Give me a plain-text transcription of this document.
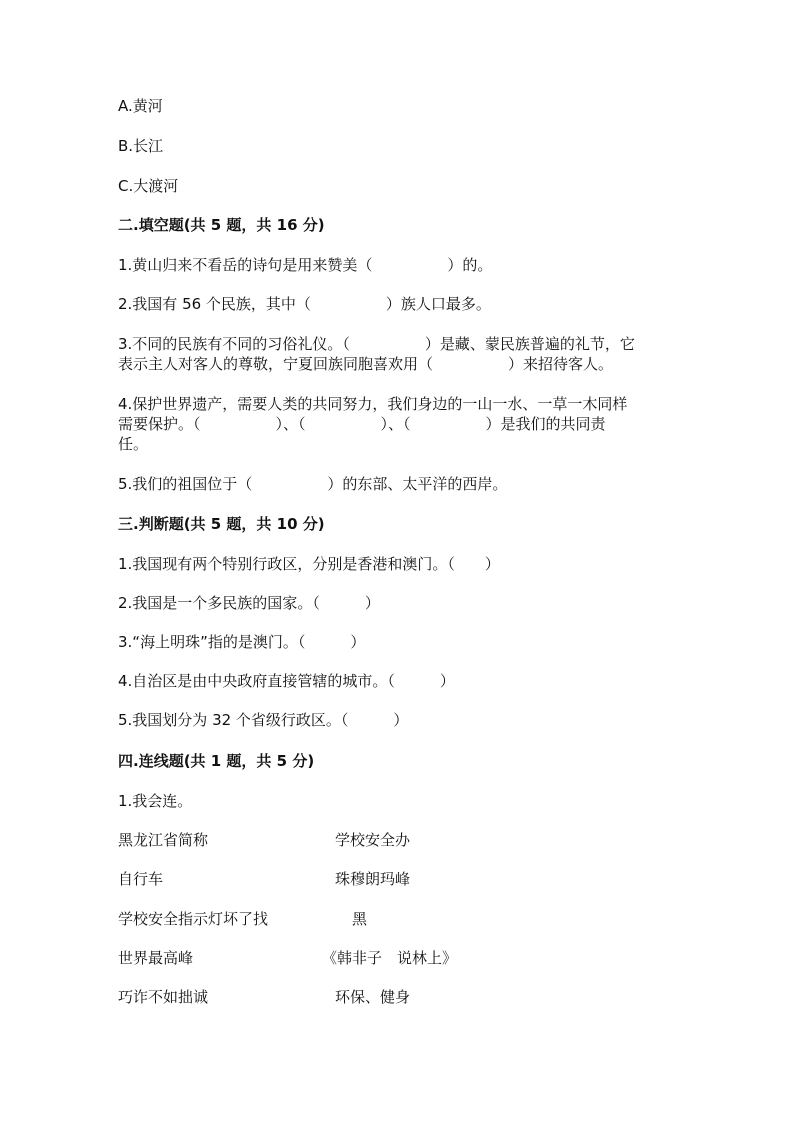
A.黄河

B.长江

C.大渡河

二.填空题(共 5 题，共 16 分)

1.黄山归来不看岳的诗句是用来赞美（　　　　　）的。

2.我国有 56 个民族，其中（　　　　　）族人口最多。

3.不同的民族有不同的习俗礼仪。（　　　　　）是藏、蒙民族普遍的礼节，它

表示主人对客人的尊敬，宁夏回族同胞喜欢用（　　　　　）来招待客人。

4.保护世界遗产，需要人类的共同努力，我们身边的一山一水、一草一木同样

需要保护。（　　　　　）、（　　　　　）、（　　　　　）是我们的共同责

任。

5.我们的祖国位于（　　　　　）的东部、太平洋的西岸。

三.判断题(共 5 题，共 10 分)

1.我国现有两个特别行政区，分别是香港和澳门。（　　）

2.我国是一个多民族的国家。（　　　）

3.“海上明珠”指的是澳门。（　　　）

4.自治区是由中央政府直接管辖的城市。（　　　）

5.我国划分为 32 个省级行政区。（　　　）

四.连线题(共 1 题，共 5 分)

1.我会连。

黑龙江省简称

自行车

学校安全指示灯坏了找

世界最高峰

巧诈不如拙诚

学校安全办
珠穆朗玛峰
黑
《韩非子　说林上》
环保、健身
